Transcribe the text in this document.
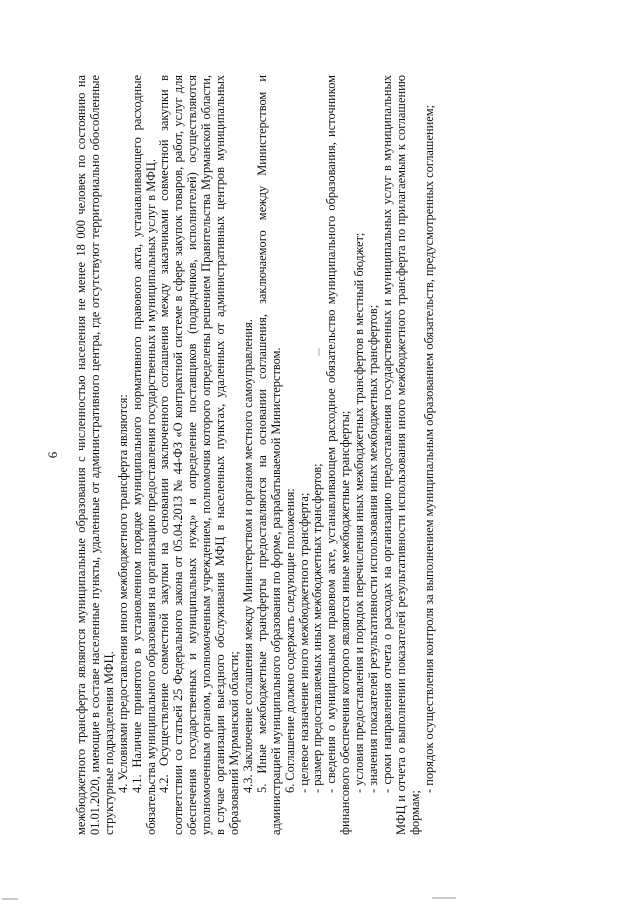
6 межбюджетного трансферта являются муниципальные образования с численностью населения не менее 18 000 человек по состоянию на 01.01.2020, имеющие в составе населенные пункты, удаленные от административного центра, где отсутствуют территориально обособленные структурные подразделения МФЦ. 4. Условиями предоставления иного межбюджетного трансферта являются: 4.1. Наличие принятого в установленном порядке муниципального нормативного правового акта, устанавливающего расходные обязательства муниципального образования на организацию предоставления государственных и муниципальных услуг в МФЦ. 4.2. Осуществление совместной закупки на основании заключенного соглашения между заказчиками совместной закупки в соответствии со статьей 25 Федерального закона от 05.04.2013 № 44-ФЗ «О контрактной системе в сфере закупок товаров, работ, услуг для обеспечения государственных и муниципальных нужд» и определение поставщиков (подрядчиков, исполнителей) осуществляются уполномоченным органом, уполномоченным учреждением, полномочия которого определены решением Правительства Мурманской области, в случае организации выездного обслуживания МФЦ в населенных пунктах, удаленных от административных центров муниципальных образований Мурманской области; 4.3. Заключение соглашения между Министерством и органом местного самоуправления. 5. Иные межбюджетные трансферты предоставляются на основании соглашения, заключаемого между Министерством и администрацией муниципального образования по форме, разрабатываемой Министерством. 6. Соглашение должно содержать следующие положения: - целевое назначение иного межбюджетного трансферта; - размер предоставляемых иных межбюджетных трансфертов; - сведения о муниципальном правовом акте, устанавливающем расходное обязательство муниципального образования, источником финансового обеспечения которого являются иные межбюджетные трансферты; - условия предоставления и порядок перечисления иных межбюджетных трансфертов в местный бюджет; - значения показателей результативности использования иных межбюджетных трансфертов; - сроки направления отчета о расходах на организацию предоставления государственных и муниципальных услуг в муниципальных МФЦ и отчета о выполнении показателей результативности использования иного межбюджетного трансферта по прилагаемым к соглашению формам;

- порядок осуществления контроля за выполнением муниципальным образованием обязательств, предусмотренных соглашением;
